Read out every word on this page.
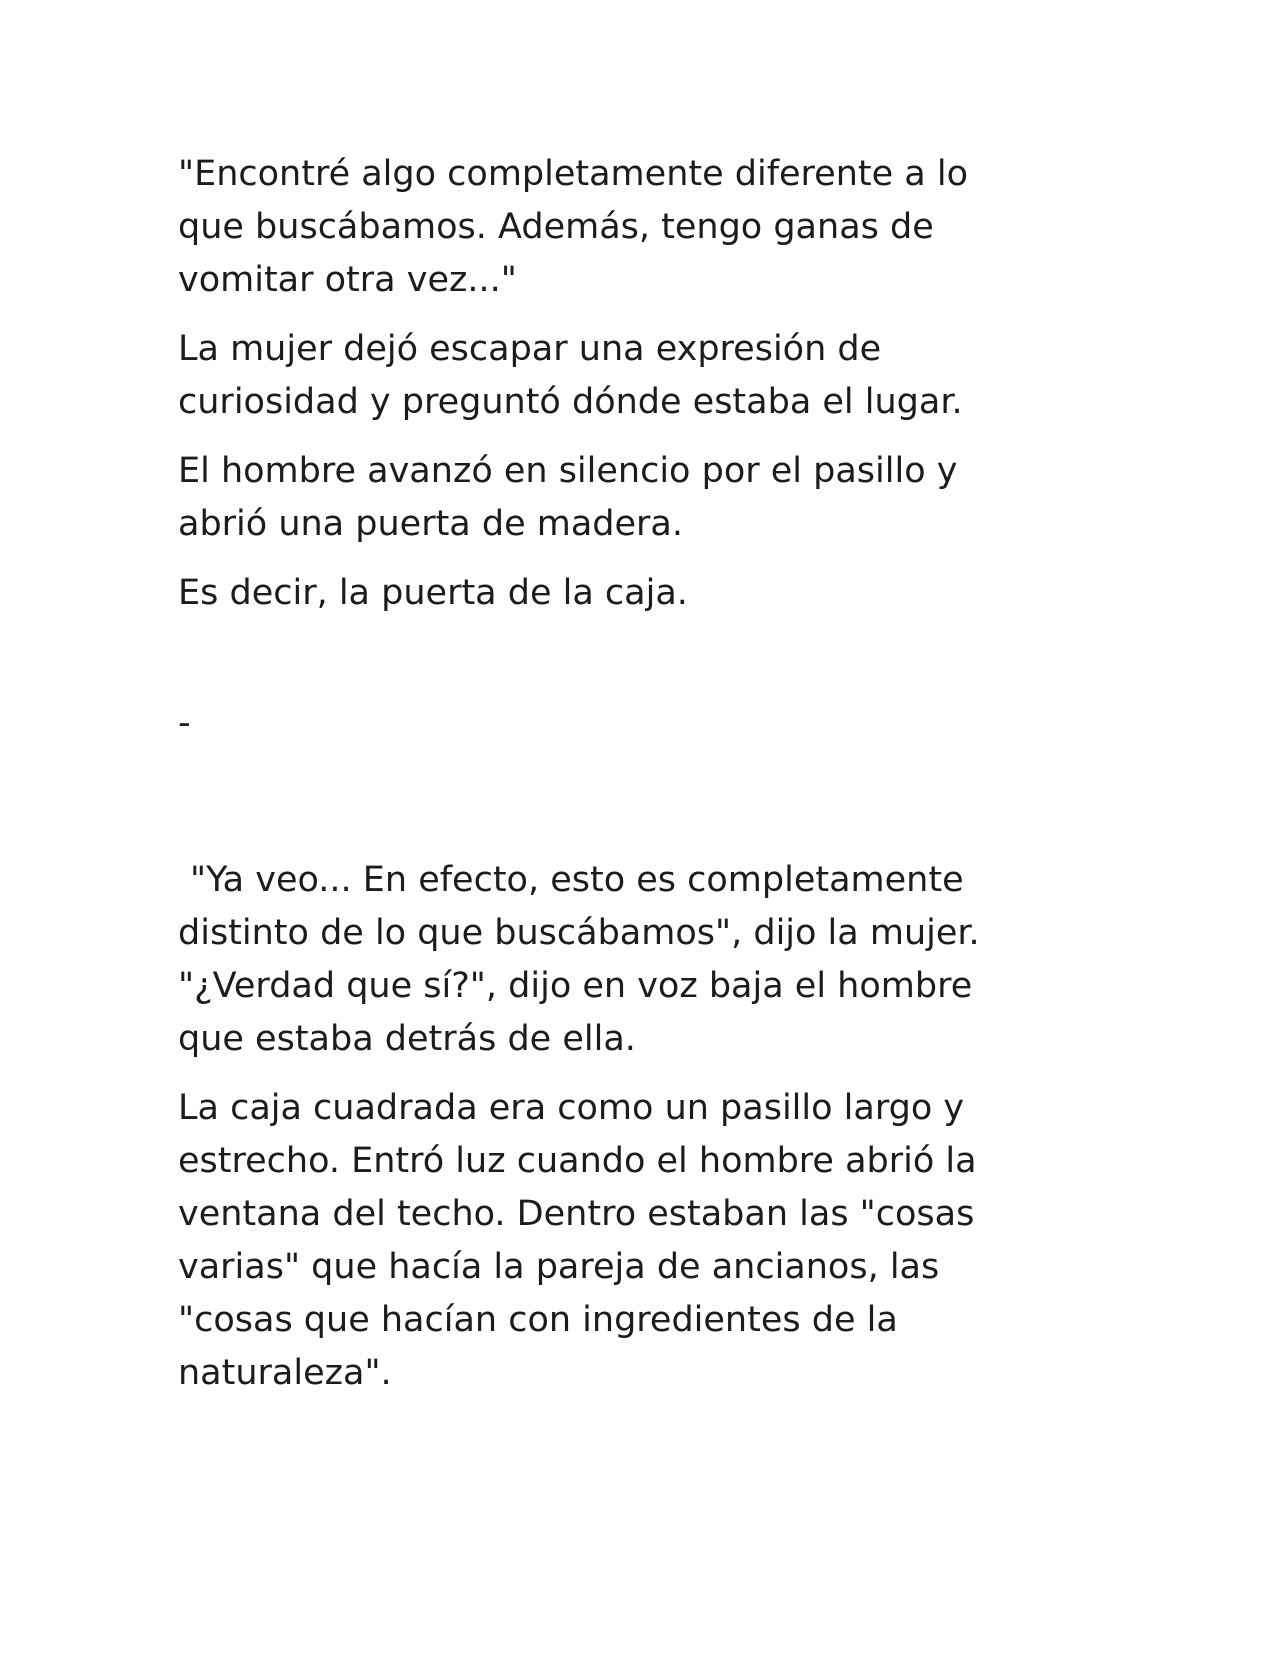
"Encontré algo completamente diferente a lo
que buscábamos. Además, tengo ganas de
vomitar otra vez..."

La mujer dejó escapar una expresión de
curiosidad y preguntó dónde estaba el lugar.

El hombre avanzó en silencio por el pasillo y
abrió una puerta de madera.

Es decir, la puerta de la caja.

-

"Ya veo... En efecto, esto es completamente
distinto de lo que buscábamos", dijo la mujer.
"¿Verdad que sí?", dijo en voz baja el hombre
que estaba detrás de ella.

La caja cuadrada era como un pasillo largo y
estrecho. Entró luz cuando el hombre abrió la
ventana del techo. Dentro estaban las "cosas
varias" que hacía la pareja de ancianos, las
"cosas que hacían con ingredientes de la
naturaleza".
